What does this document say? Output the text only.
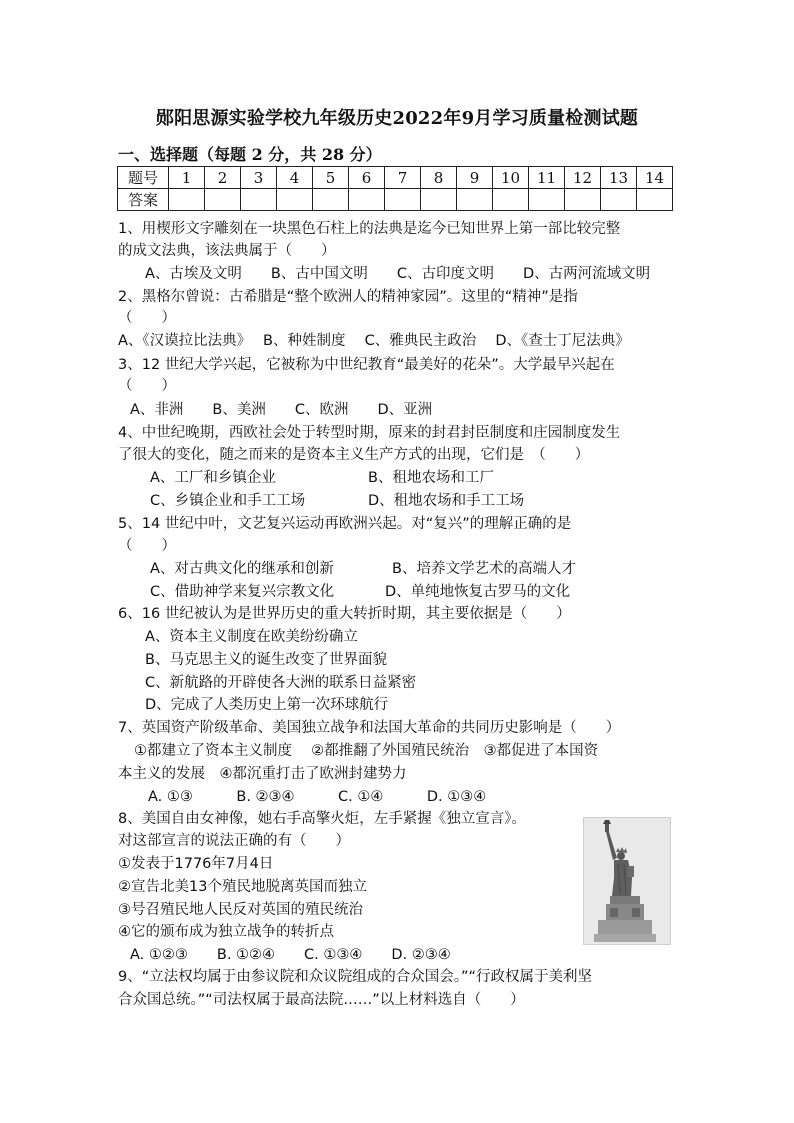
郧阳思源实验学校九年级历史2022年9月学习质量检测试题
一、选择题（每题 2 分，共 28 分）
题号	1	2	3	4	5	6	7	8	9	10	11	12	13	14
答案														
1、用楔形文字雕刻在一块黑色石柱上的法典是迄今已知世界上第一部比较完整
的成文法典，该法典属于（　　）
A、古埃及文明　　B、古中国文明　　C、古印度文明　　D、古两河流域文明
2、黑格尔曾说：古希腊是“整个欧洲人的精神家园”。这里的“精神”是指
（　　）
A、《汉谟拉比法典》　 B、种姓制度　 C、雅典民主政治　 D、《查士丁尼法典》
3、12 世纪大学兴起，它被称为中世纪教育“最美好的花朵”。大学最早兴起在
（　　）
A、非洲　　B、美洲　　C、欧洲　　D、亚洲
4、中世纪晚期，西欧社会处于转型时期，原来的封君封臣制度和庄园制度发生
了很大的变化，随之而来的是资本主义生产方式的出现，它们是　（　　）
A、工厂和乡镇企业	B、租地农场和工厂
C、乡镇企业和手工工场	D、租地农场和手工工场
5、14 世纪中叶，文艺复兴运动再欧洲兴起。对“复兴”的理解正确的是
（　　）
A、对古典文化的继承和创新	B、培养文学艺术的高端人才
C、借助神学来复兴宗教文化	D、单纯地恢复古罗马的文化
6、16 世纪被认为是世界历史的重大转折时期，其主要依据是（　　）
A、资本主义制度在欧美纷纷确立
B、马克思主义的诞生改变了世界面貌
C、新航路的开辟使各大洲的联系日益紧密
D、完成了人类历史上第一次环球航行
7、英国资产阶级革命、美国独立战争和法国大革命的共同历史影响是（　　）
①都建立了资本主义制度　 ②都推翻了外国殖民统治　③都促进了本国资
本主义的发展　④都沉重打击了欧洲封建势力
A. ①③　　　B. ②③④　　　C. ①④　　　D. ①③④
8、美国自由女神像，她右手高擎火炬，左手紧握《独立宣言》。
对这部宣言的说法正确的有（　　）
①发表于1776年7月4日
②宣告北美13个殖民地脱离英国而独立
③号召殖民地人民反对英国的殖民统治
④它的颁布成为独立战争的转折点
A. ①②③　　B. ①②④　　C. ①③④　　D. ②③④
9、“立法权均属于由参议院和众议院组成的合众国会。”“行政权属于美利坚
合众国总统。”“司法权属于最高法院……”以上材料选自（　　）
